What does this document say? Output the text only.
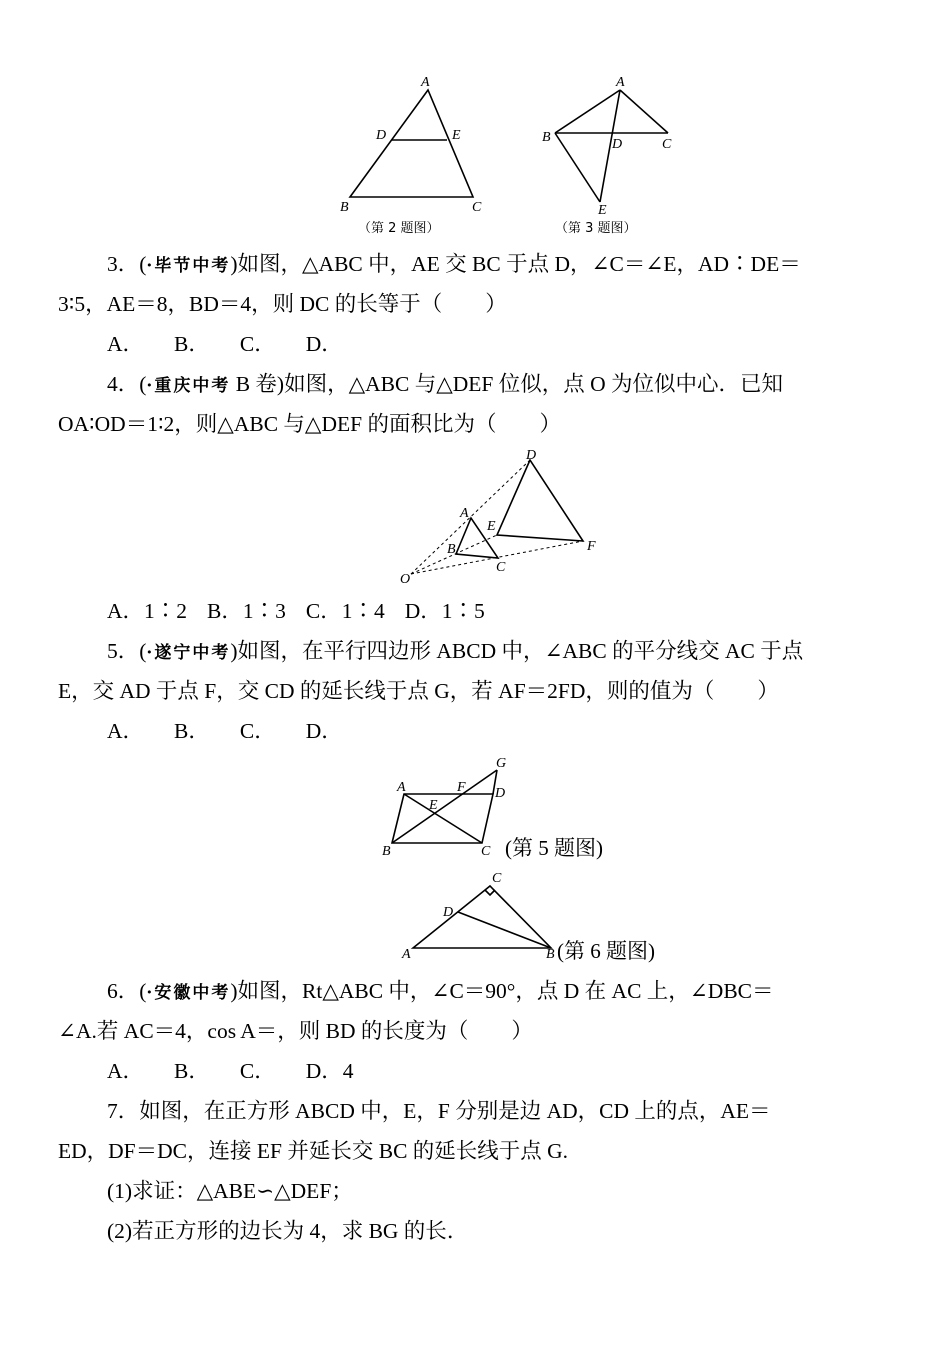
A
D	E
B	C
（第 2 题图）
A
B	D	C
E
（第 3 题图）
3．(·毕节中考)如图，△ABC 中，AE 交 BC 于点 D，∠C＝∠E，AD∶DE＝
3∶5，AE＝8，BD＝4，则 DC 的长等于（　　）
A． B． C． D．
4．(·重庆中考 B 卷)如图，△ABC 与△DEF 位似，点 O 为位似中心．已知
OA∶OD＝1∶2，则△ABC 与△DEF 的面积比为（　　）
D
A
E
B	F
C
O
A．1∶2 B．1∶3 C．1∶4 D．1∶5
5．(·遂宁中考)如图，在平行四边形 ABCD 中，∠ABC 的平分线交 AC 于点
E，交 AD 于点 F，交 CD 的延长线于点 G，若 AF＝2FD，则的值为（　　）
A． B． C． D．
G
A	F D
E
B	C (第 5 题图)
C
D
A	B (第 6 题图)
6．(·安徽中考)如图，Rt△ABC 中，∠C＝90°，点 D 在 AC 上，∠DBC＝
∠A.若 AC＝4，cos A＝，则 BD 的长度为（　　）
A． B． C． D．4
7．如图，在正方形 ABCD 中，E，F 分别是边 AD，CD 上的点，AE＝
ED，DF＝DC，连接 EF 并延长交 BC 的延长线于点 G.
(1)求证：△ABE∽△DEF；
(2)若正方形的边长为 4，求 BG 的长．
